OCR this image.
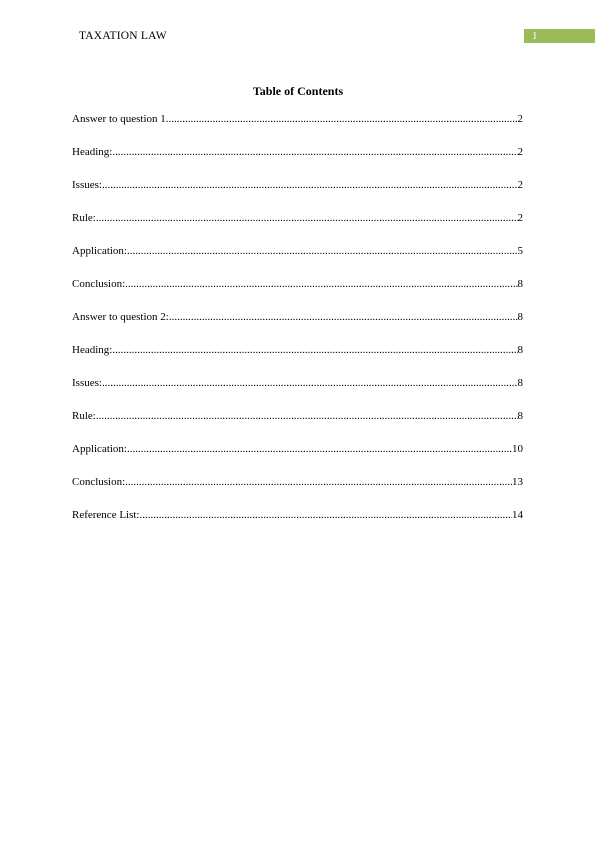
TAXATION LAW	1
Table of Contents
Answer to question 1 .....	2
Heading: .....	2
Issues: .....	2
Rule: .....	2
Application: .....	5
Conclusion: .....	8
Answer to question 2: .....	8
Heading: .....	8
Issues: .....	8
Rule: .....	8
Application: .....	10
Conclusion: .....	13
Reference List: .....	14
